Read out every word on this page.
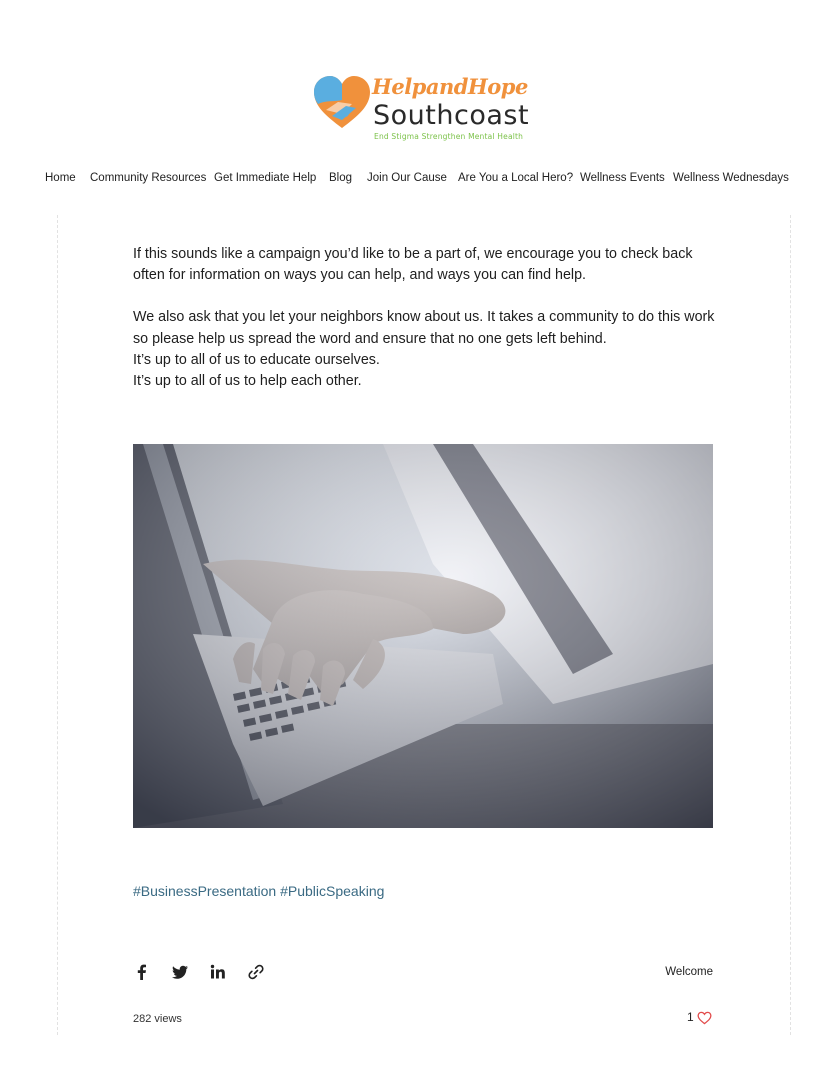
HelpandHope
Southcoast
End Stigma Strengthen Mental Health
Home Community Resources Get Immediate Help Blog Join Our Cause Are You a Local Hero? Wellness Events Wellness Wednesdays

If this sounds like a campaign you’d like to be a part of, we encourage you to check back
often for information on ways you can help, and ways you can find help.

We also ask that you let your neighbors know about us. It takes a community to do this work
so please help us spread the word and ensure that no one gets left behind.
It’s up to all of us to educate ourselves.
It’s up to all of us to help each other.

#BusinessPresentation #PublicSpeaking
Welcome
282 views	1
